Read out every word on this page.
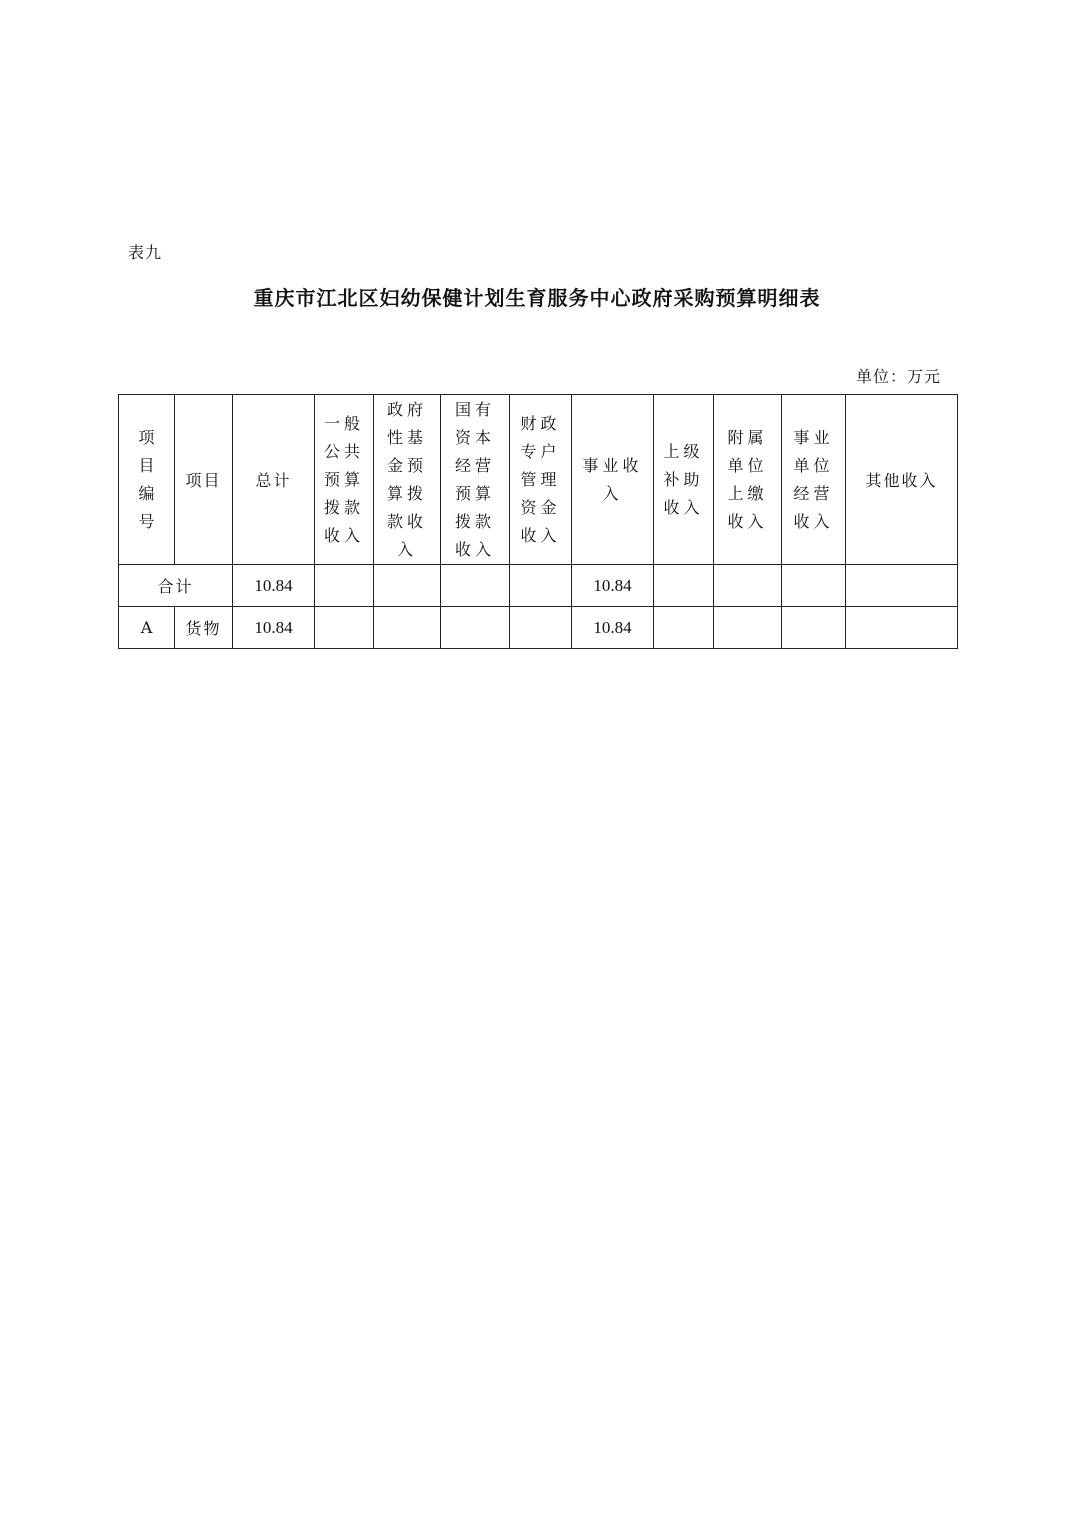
表九
重庆市江北区妇幼保健计划生育服务中心政府采购预算明细表
单位：万元
项目编号	项目	总计	一般公共预算拨款收入	政府性基金预算拨款收入	国有资本经营预算拨款收入	财政专户管理资金收入	事业收入	上级补助收入	附属单位上缴收入	事业单位经营收入	其他收入
合计		10.84					10.84				
A	货物	10.84					10.84				
